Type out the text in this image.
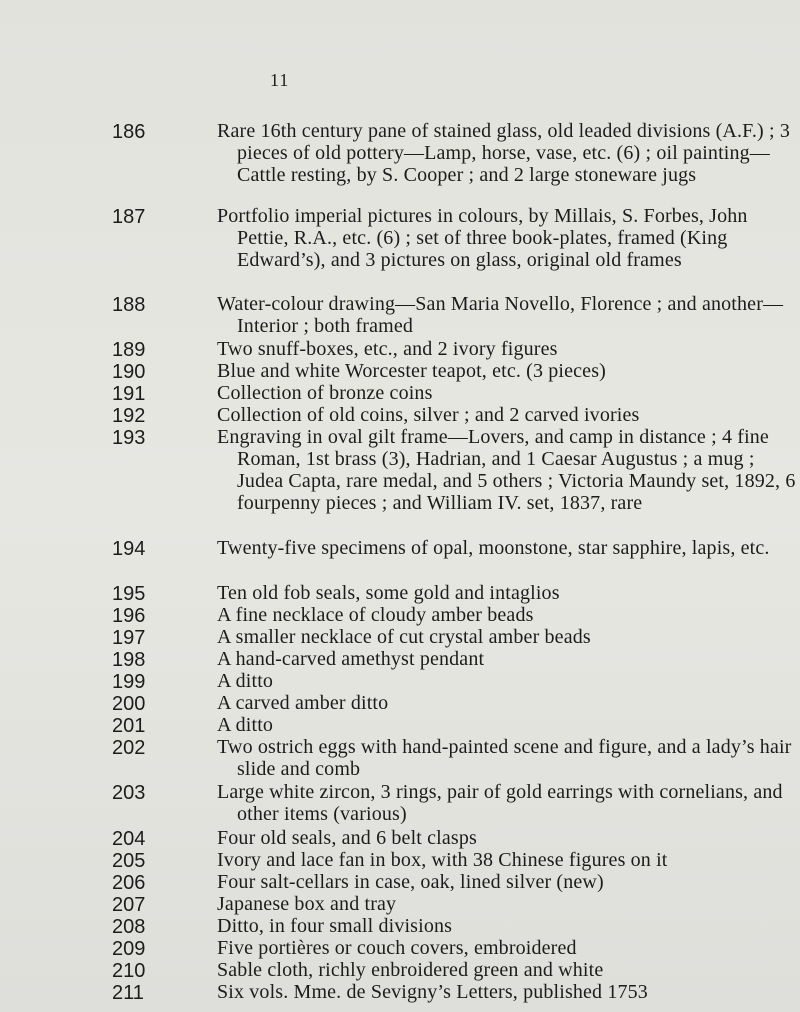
11
186	Rare 16th century pane of stained glass, old leaded divisions (A.F.) ; 3 pieces of old pottery—Lamp, horse, vase, etc. (6) ; oil painting—Cattle resting, by S. Cooper ; and 2 large stoneware jugs
187	Portfolio imperial pictures in colours, by Millais, S. Forbes, John Pettie, R.A., etc. (6) ; set of three book-plates, framed (King Edward’s), and 3 pictures on glass, original old frames
188	Water-colour drawing—San Maria Novello, Florence ; and another—Interior ; both framed
189	Two snuff-boxes, etc., and 2 ivory figures
190	Blue and white Worcester teapot, etc. (3 pieces)
191	Collection of bronze coins
192	Collection of old coins, silver ; and 2 carved ivories
193	Engraving in oval gilt frame—Lovers, and camp in distance ; 4 fine Roman, 1st brass (3), Hadrian, and 1 Caesar Augustus ; a mug ; Judea Capta, rare medal, and 5 others ; Victoria Maundy set, 1892, 6 fourpenny pieces ; and William IV. set, 1837, rare
194	Twenty-five specimens of opal, moonstone, star sapphire, lapis, etc.
195	Ten old fob seals, some gold and intaglios
196	A fine necklace of cloudy amber beads
197	A smaller necklace of cut crystal amber beads
198	A hand-carved amethyst pendant
199	A ditto
200	A carved amber ditto
201	A ditto
202	Two ostrich eggs with hand-painted scene and figure, and a lady’s hair slide and comb
203	Large white zircon, 3 rings, pair of gold earrings with cornelians, and other items (various)
204	Four old seals, and 6 belt clasps
205	Ivory and lace fan in box, with 38 Chinese figures on it
206	Four salt-cellars in case, oak, lined silver (new)
207	Japanese box and tray
208	Ditto, in four small divisions
209	Five portières or couch covers, embroidered
210	Sable cloth, richly enbroidered green and white
211	Six vols. Mme. de Sevigny’s Letters, published 1753
